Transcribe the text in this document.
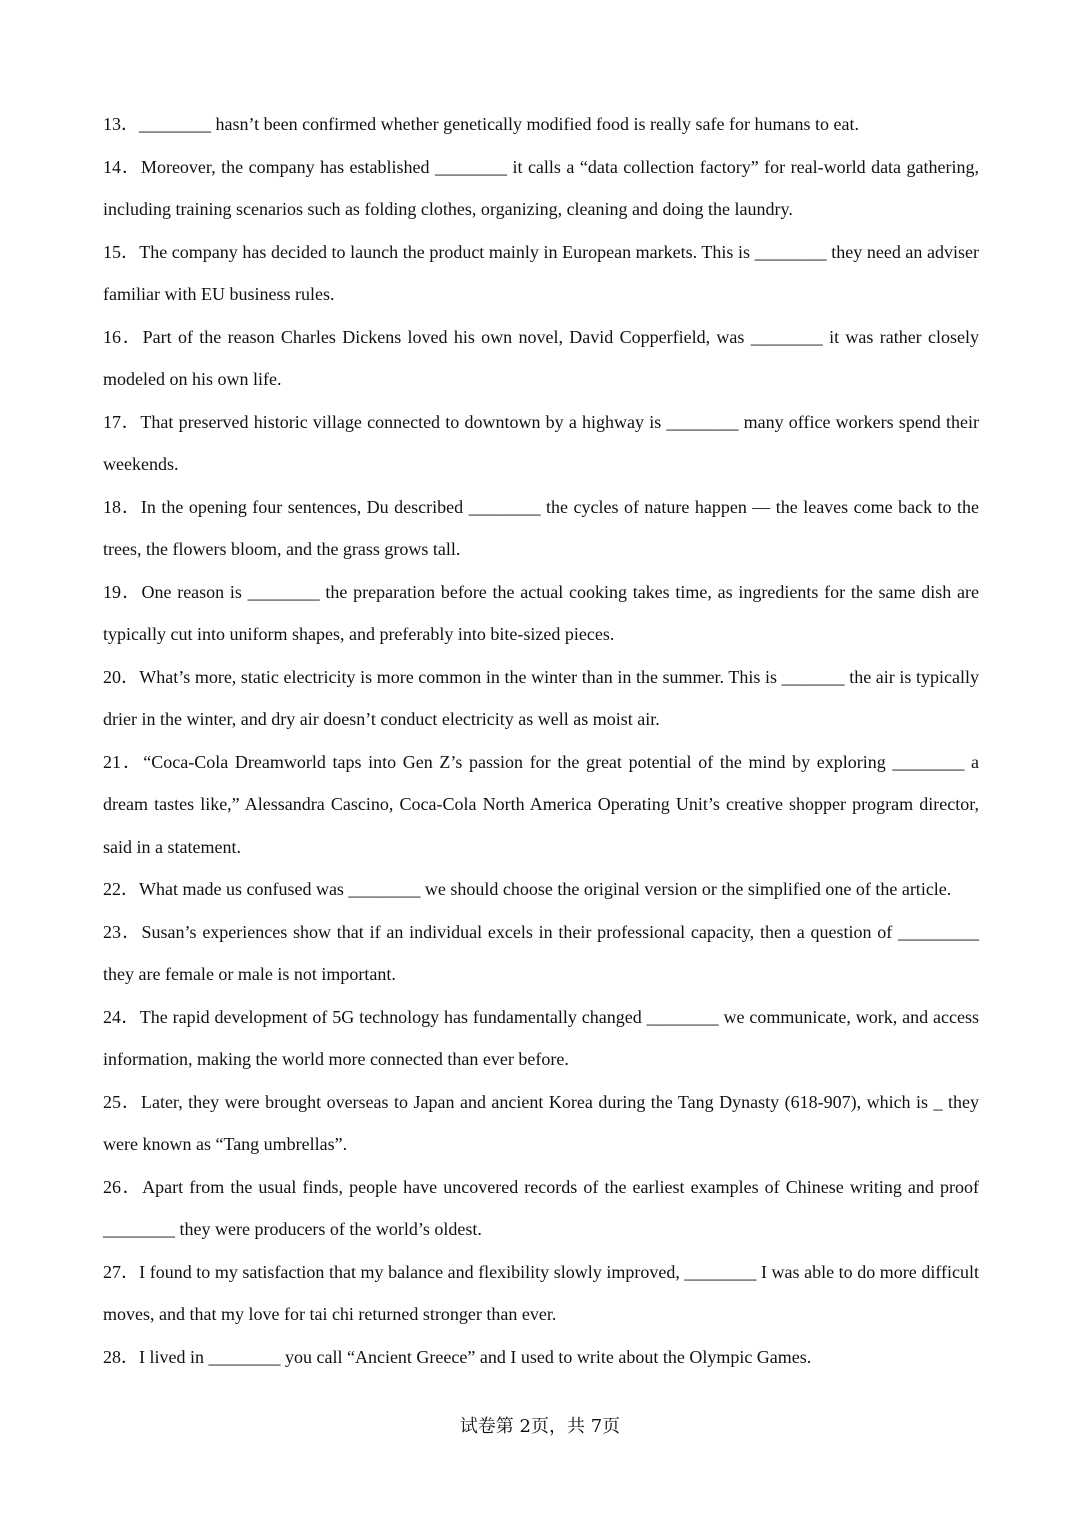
13．________ hasn’t been confirmed whether genetically modified food is really safe for humans to eat.

14．Moreover, the company has established ________ it calls a “data collection factory” for real-world data gathering, including training scenarios such as folding clothes, organizing, cleaning and doing the laundry.

15．The company has decided to launch the product mainly in European markets. This is ________ they need an adviser familiar with EU business rules.

16．Part of the reason Charles Dickens loved his own novel, David Copperfield, was ________ it was rather closely modeled on his own life.

17．That preserved historic village connected to downtown by a highway is ________ many office workers spend their weekends.

18．In the opening four sentences, Du described ________ the cycles of nature happen — the leaves come back to the trees, the flowers bloom, and the grass grows tall.

19．One reason is ________ the preparation before the actual cooking takes time, as ingredients for the same dish are typically cut into uniform shapes, and preferably into bite-sized pieces.

20．What’s more, static electricity is more common in the winter than in the summer. This is _______ the air is typically drier in the winter, and dry air doesn’t conduct electricity as well as moist air.

21．“Coca-Cola Dreamworld taps into Gen Z’s passion for the great potential of the mind by exploring ________ a dream tastes like,” Alessandra Cascino, Coca-Cola North America Operating Unit’s creative shopper program director, said in a statement.

22．What made us confused was ________ we should choose the original version or the simplified one of the article.

23．Susan’s experiences show that if an individual excels in their professional capacity, then a question of _________ they are female or male is not important.

24．The rapid development of 5G technology has fundamentally changed ________ we communicate, work, and access information, making the world more connected than ever before.

25．Later, they were brought overseas to Japan and ancient Korea during the Tang Dynasty (618-907), which is _ they were known as “Tang umbrellas”.

26．Apart from the usual finds, people have uncovered records of the earliest examples of Chinese writing and proof ________ they were producers of the world’s oldest.

27．I found to my satisfaction that my balance and flexibility slowly improved, ________ I was able to do more difficult moves, and that my love for tai chi returned stronger than ever.

28．I lived in ________ you call “Ancient Greece” and I used to write about the Olympic Games.

试卷第 2页，共 7页
